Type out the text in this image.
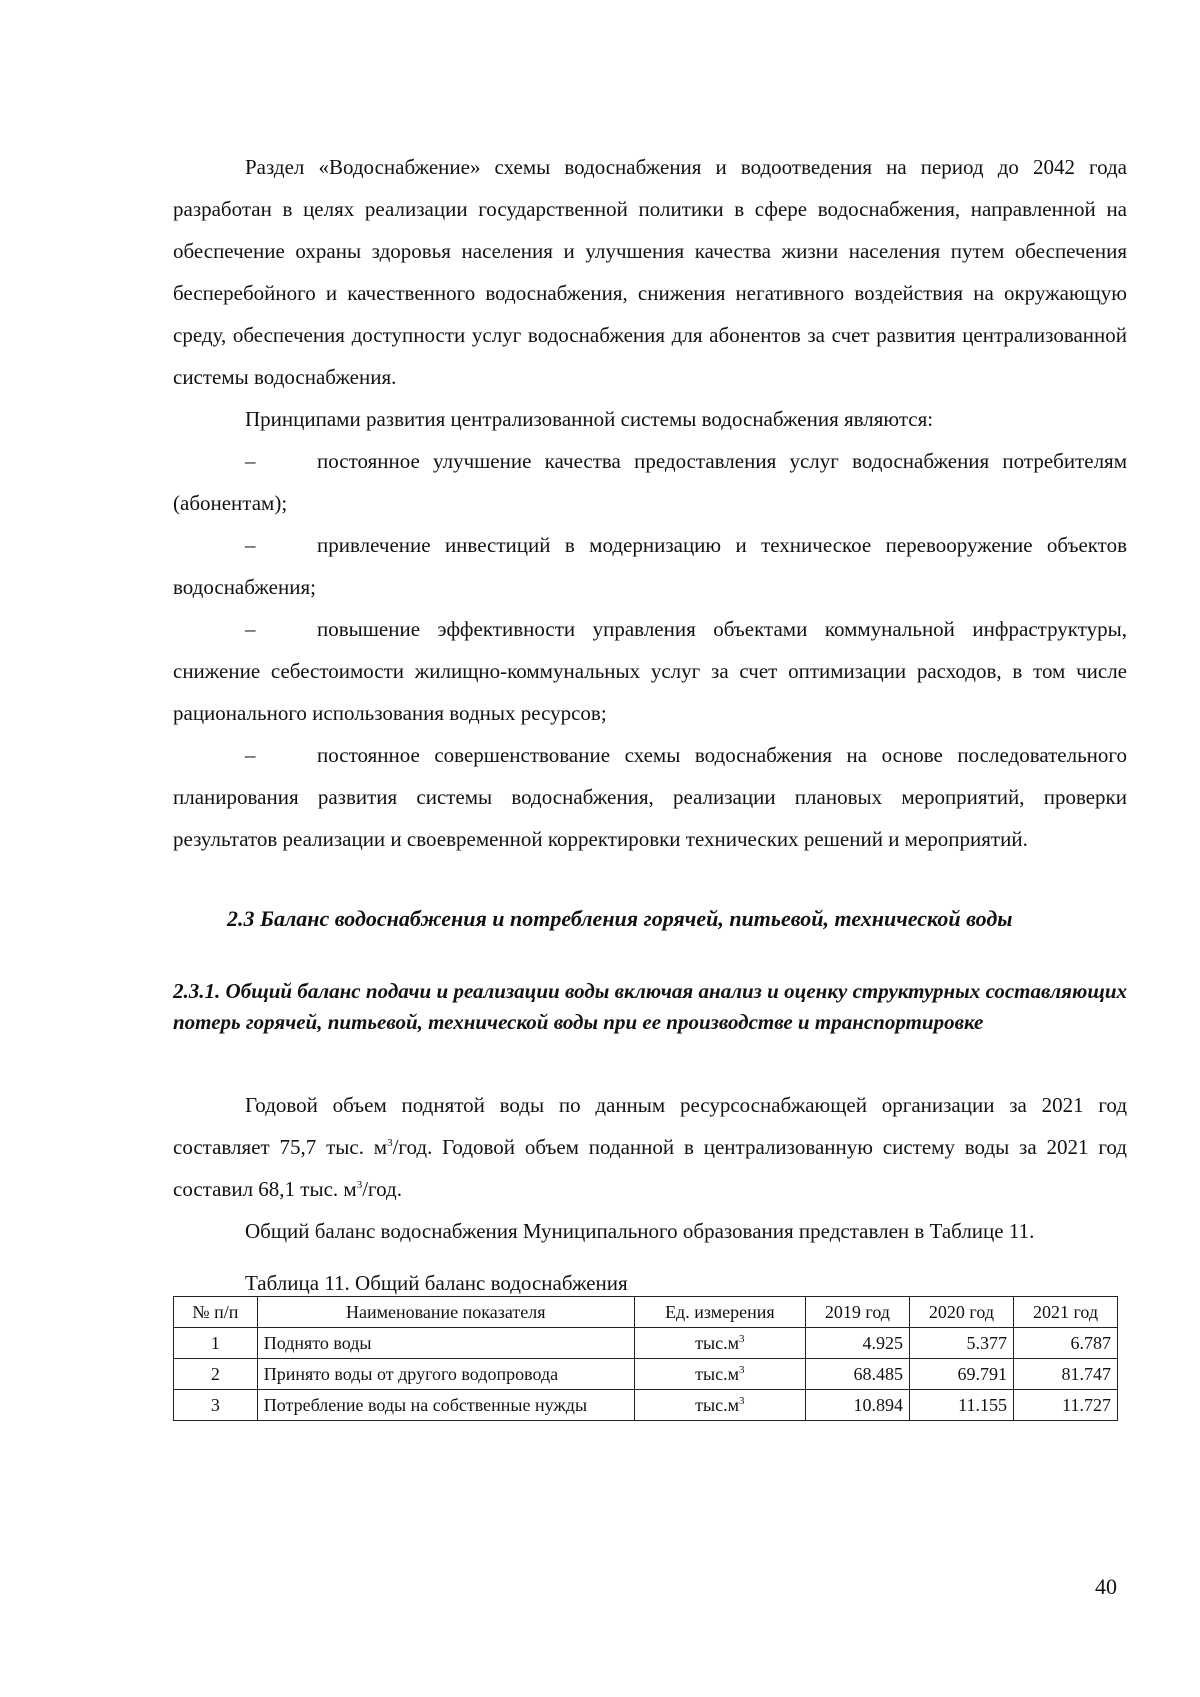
Раздел «Водоснабжение» схемы водоснабжения и водоотведения на период до 2042 года разработан в целях реализации государственной политики в сфере водоснабжения, направленной на обеспечение охраны здоровья населения и улучшения качества жизни населения путем обеспечения бесперебойного и качественного водоснабжения, снижения негативного воздействия на окружающую среду, обеспечения доступности услуг водоснабжения для абонентов за счет развития централизованной системы водоснабжения.

Принципами развития централизованной системы водоснабжения являются:

–	постоянное улучшение качества предоставления услуг водоснабжения потребителям (абонентам);

–	привлечение инвестиций в модернизацию и техническое перевооружение объектов водоснабжения;

–	повышение эффективности управления объектами коммунальной инфраструктуры, снижение себестоимости жилищно-коммунальных услуг за счет оптимизации расходов, в том числе рационального использования водных ресурсов;

–	постоянное совершенствование схемы водоснабжения на основе последовательного планирования развития системы водоснабжения, реализации плановых мероприятий, проверки результатов реализации и своевременной корректировки технических решений и мероприятий.

2.3 Баланс водоснабжения и потребления горячей, питьевой, технической воды

2.3.1. Общий баланс подачи и реализации воды включая анализ и оценку структурных составляющих потерь горячей, питьевой, технической воды при ее производстве и транспортировке

Годовой объем поднятой воды по данным ресурсоснабжающей организации за 2021 год составляет 75,7 тыс. $м^3$/год. Годовой объем поданной в централизованную систему воды за 2021 год составил 68,1 тыс. $м^3$/год.

Общий баланс водоснабжения Муниципального образования представлен в Таблице 11.

Таблица 11. Общий баланс водоснабжения
№ п/п	Наименование показателя	Ед. измерения	2019 год	2020 год	2021 год
1	Поднято воды	$тыс.м^3$	4.925	5.377	6.787
2	Принято воды от другого водопровода	$тыс.м^3$	68.485	69.791	81.747
3	Потребление воды на собственные нужды	$тыс.м^3$	10.894	11.155	11.727
40
